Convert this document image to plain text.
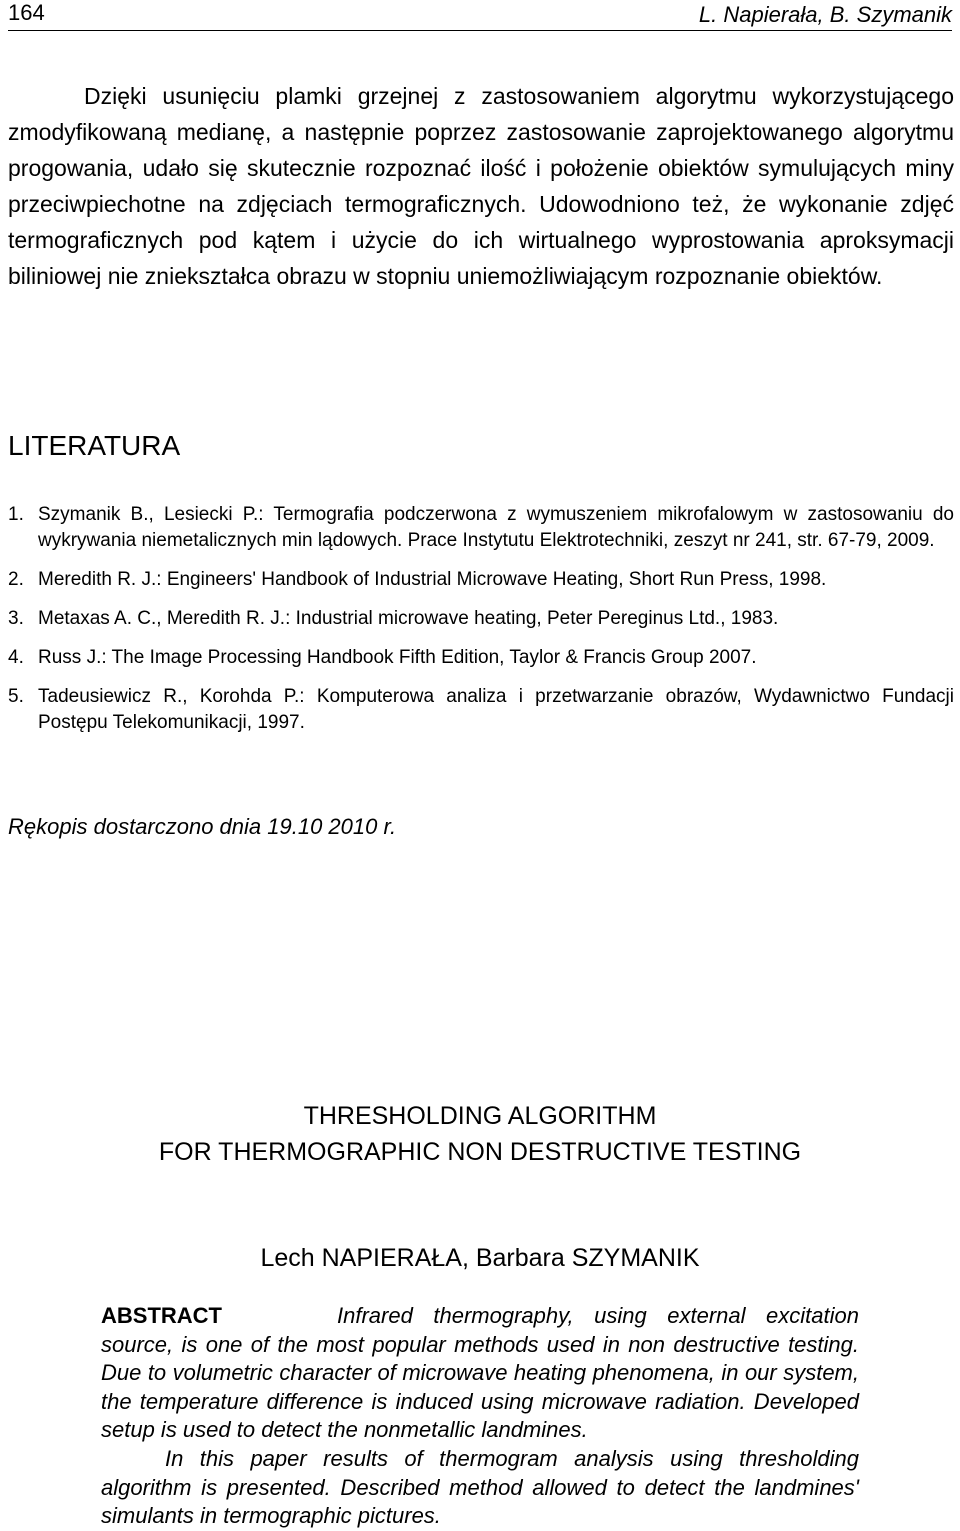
164	L. Napierała, B. Szymanik

Dzięki usunięciu plamki grzejnej z zastosowaniem algorytmu wykorzystującego zmodyfikowaną medianę, a następnie poprzez zastosowanie zaprojektowanego algorytmu progowania, udało się skutecznie rozpoznać ilość i położenie obiektów symulujących miny przeciwpiechotne na zdjęciach termograficznych. Udowodniono też, że wykonanie zdjęć termograficznych pod kątem i użycie do ich wirtualnego wyprostowania aproksymacji biliniowej nie zniekształca obrazu w stopniu uniemożliwiającym rozpoznanie obiektów.

LITERATURA

1. Szymanik B., Lesiecki P.: Termografia podczerwona z wymuszeniem mikrofalowym w zastosowaniu do wykrywania niemetalicznych min lądowych. Prace Instytutu Elektrotechniki, zeszyt nr 241, str. 67-79, 2009.

2. Meredith R. J.: Engineers' Handbook of Industrial Microwave Heating, Short Run Press, 1998.

3. Metaxas A. C., Meredith R. J.: Industrial microwave heating, Peter Pereginus Ltd., 1983.

4. Russ J.: The Image Processing Handbook Fifth Edition, Taylor & Francis Group 2007.

5. Tadeusiewicz R., Korohda P.: Komputerowa analiza i przetwarzanie obrazów, Wydawnictwo Fundacji Postępu Telekomunikacji, 1997.

Rękopis dostarczono dnia 19.10 2010 r.
THRESHOLDING ALGORITHM
FOR THERMOGRAPHIC NON DESTRUCTIVE TESTING
Lech NAPIERAŁA, Barbara SZYMANIK

ABSTRACT	Infrared thermography, using external excitation source, is one of the most popular methods used in non destructive testing. Due to volumetric character of microwave heating phenomena, in our system, the temperature difference is induced using microwave radiation. Developed setup is used to detect the nonmetallic landmines.

In this paper results of thermogram analysis using thresholding algorithm is presented. Described method allowed to detect the landmines' simulants in termographic pictures.
